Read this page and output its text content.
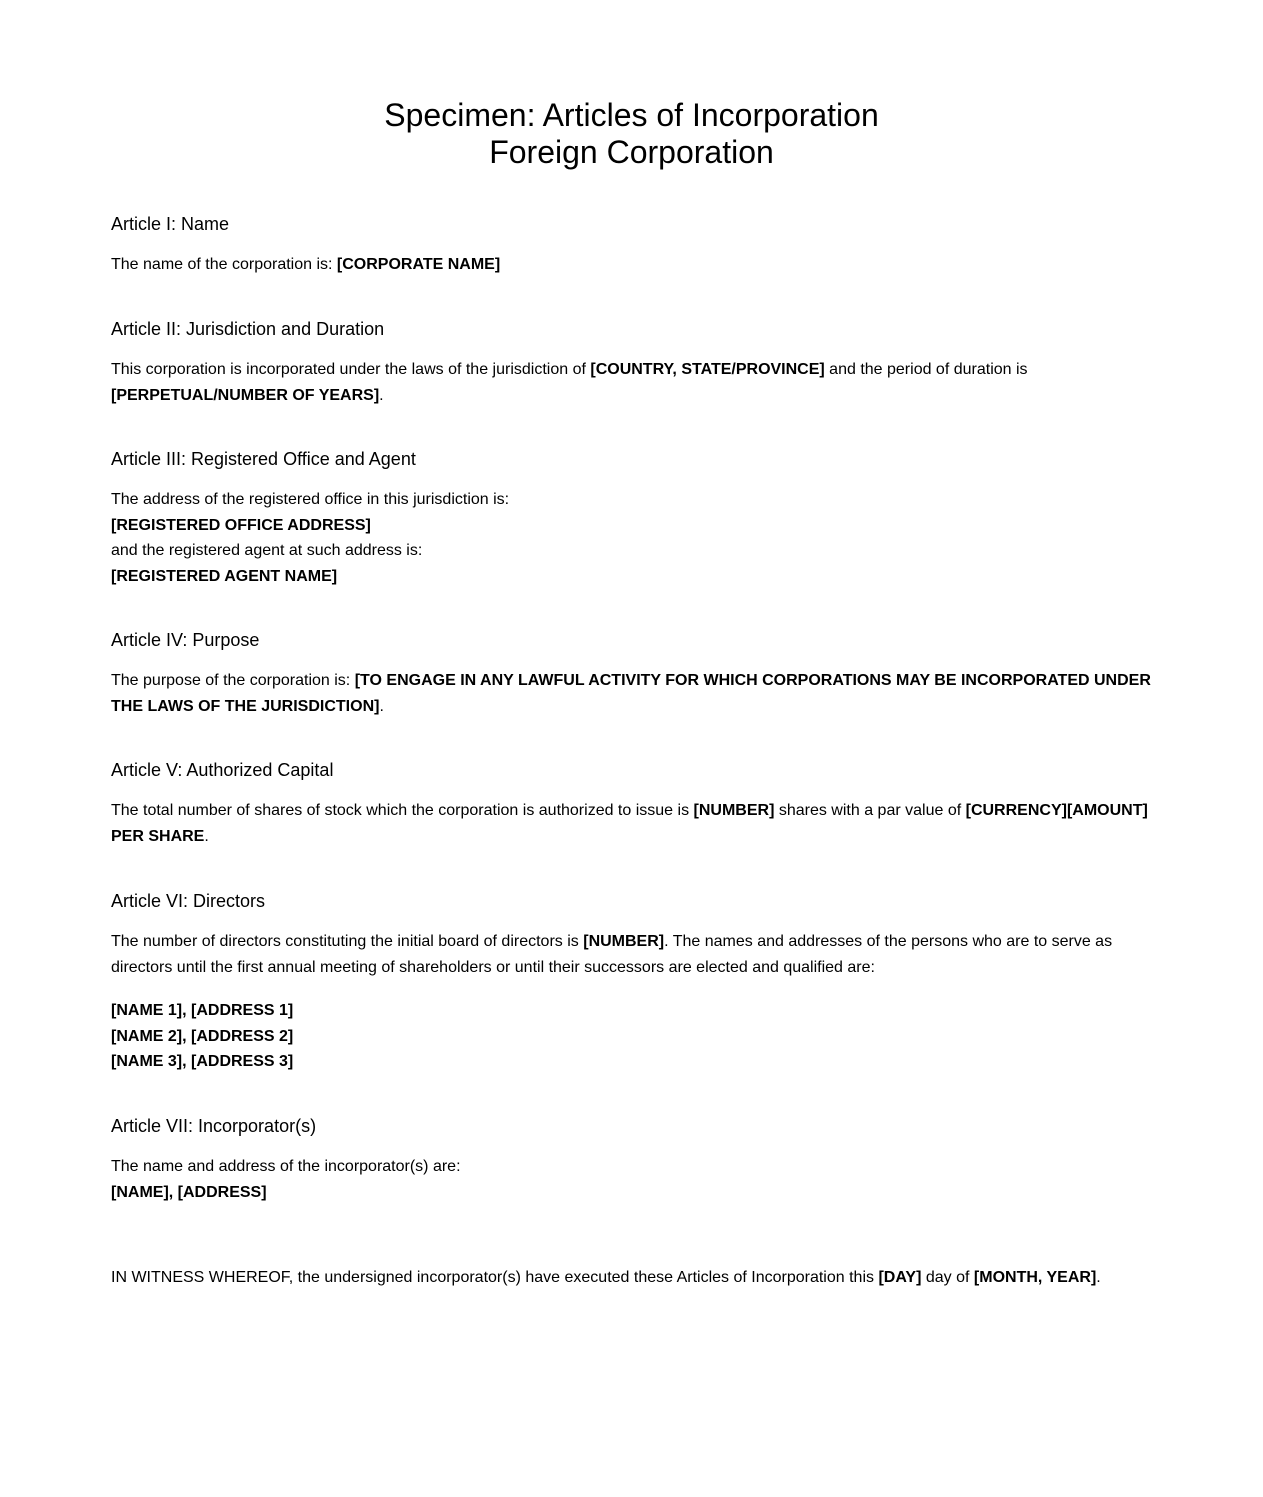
Specimen: Articles of Incorporation
Foreign Corporation
Article I: Name
The name of the corporation is: [CORPORATE NAME]
Article II: Jurisdiction and Duration
This corporation is incorporated under the laws of the jurisdiction of [COUNTRY, STATE/PROVINCE] and the period of duration is
[PERPETUAL/NUMBER OF YEARS].
Article III: Registered Office and Agent
The address of the registered office in this jurisdiction is:
[REGISTERED OFFICE ADDRESS]
and the registered agent at such address is:
[REGISTERED AGENT NAME]
Article IV: Purpose
The purpose of the corporation is: [TO ENGAGE IN ANY LAWFUL ACTIVITY FOR WHICH CORPORATIONS MAY BE INCORPORATED UNDER THE LAWS OF THE JURISDICTION].
Article V: Authorized Capital
The total number of shares of stock which the corporation is authorized to issue is [NUMBER] shares with a par value of [CURRENCY][AMOUNT] PER SHARE.
Article VI: Directors
The number of directors constituting the initial board of directors is [NUMBER]. The names and addresses of the persons who are to serve as directors until the first annual meeting of shareholders or until their successors are elected and qualified are:
[NAME 1], [ADDRESS 1]
[NAME 2], [ADDRESS 2]
[NAME 3], [ADDRESS 3]
Article VII: Incorporator(s)
The name and address of the incorporator(s) are:
[NAME], [ADDRESS]
IN WITNESS WHEREOF, the undersigned incorporator(s) have executed these Articles of Incorporation this [DAY] day of [MONTH, YEAR].
